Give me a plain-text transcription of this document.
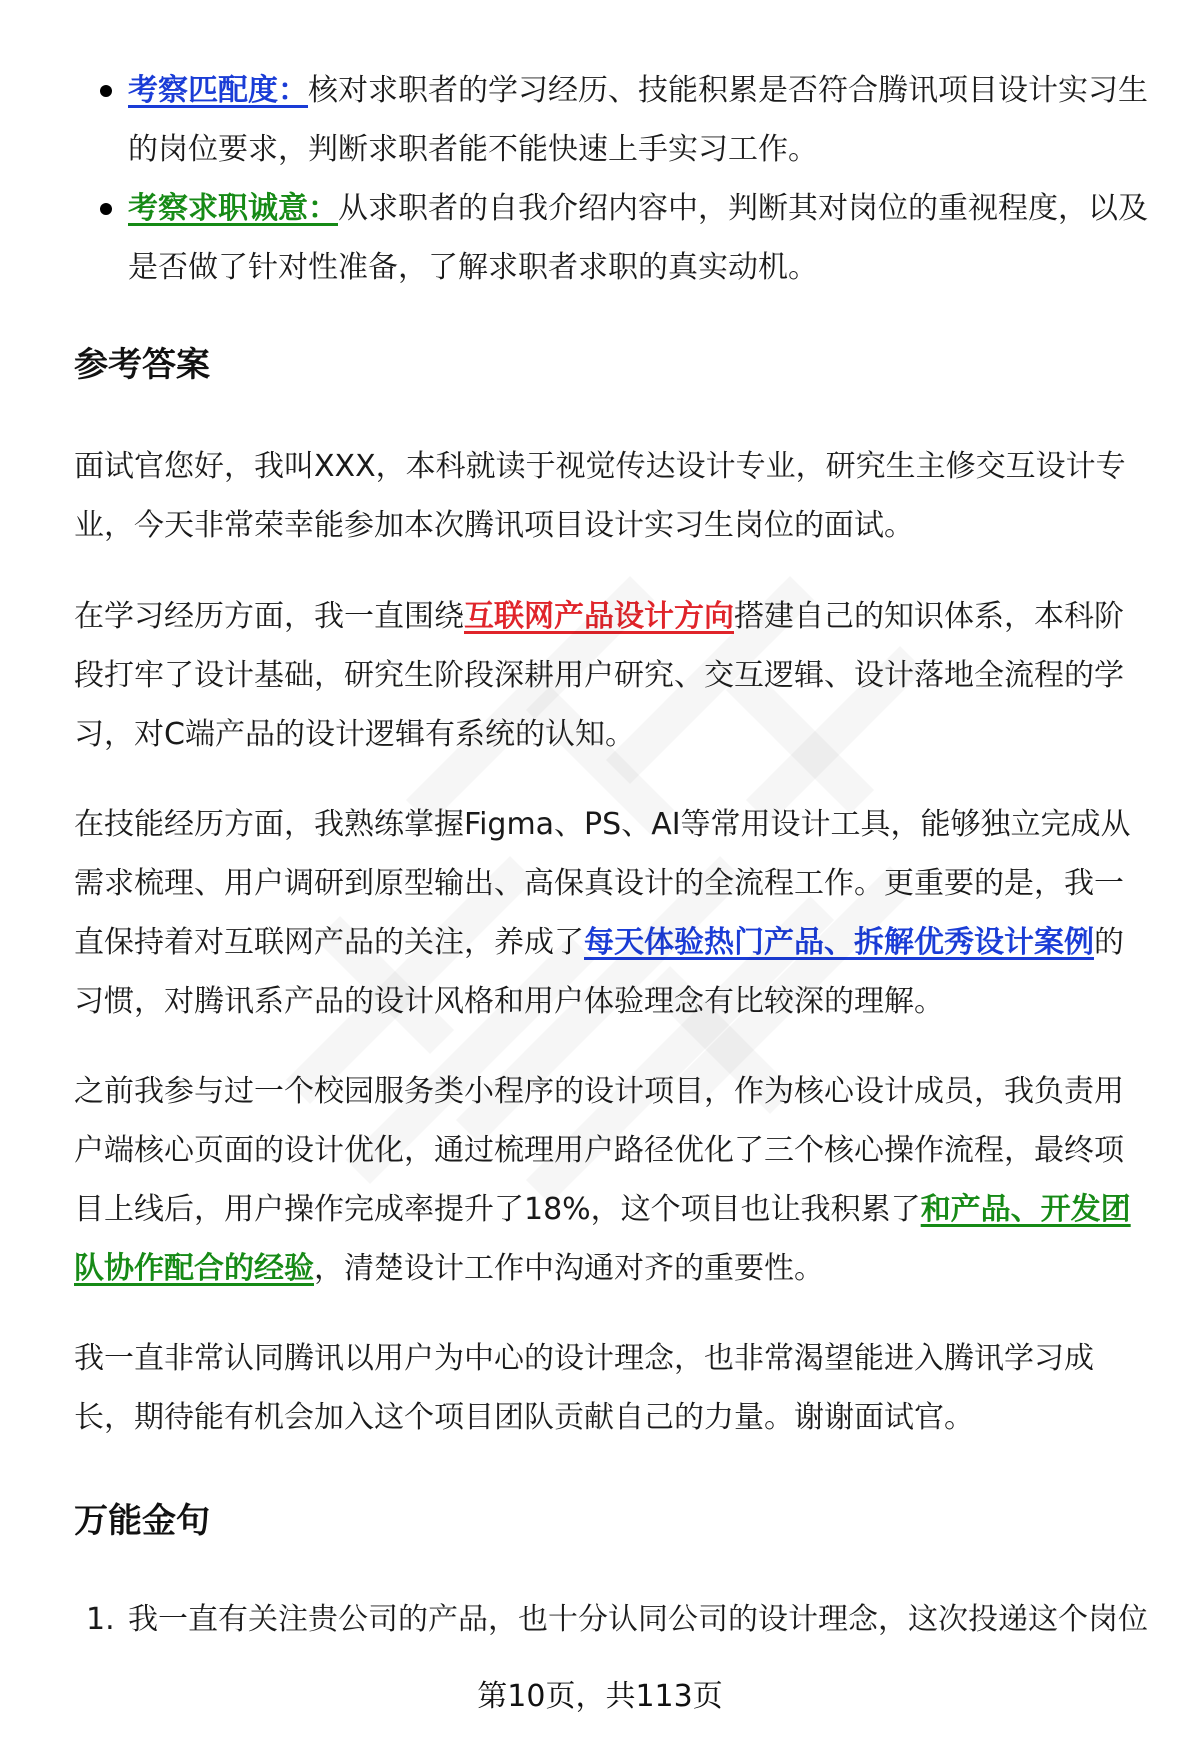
考察匹配度：核对求职者的学习经历、技能积累是否符合腾讯项目设计实习生的岗位要求，判断求职者能不能快速上手实习工作。
考察求职诚意：从求职者的自我介绍内容中，判断其对岗位的重视程度，以及是否做了针对性准备，了解求职者求职的真实动机。
参考答案

面试官您好，我叫XXX，本科就读于视觉传达设计专业，研究生主修交互设计专业，今天非常荣幸能参加本次腾讯项目设计实习生岗位的面试。

在学习经历方面，我一直围绕互联网产品设计方向搭建自己的知识体系，本科阶段打牢了设计基础，研究生阶段深耕用户研究、交互逻辑、设计落地全流程的学习，对C端产品的设计逻辑有系统的认知。

在技能经历方面，我熟练掌握Figma、PS、AI等常用设计工具，能够独立完成从需求梳理、用户调研到原型输出、高保真设计的全流程工作。更重要的是，我一直保持着对互联网产品的关注，养成了每天体验热门产品、拆解优秀设计案例的习惯，对腾讯系产品的设计风格和用户体验理念有比较深的理解。

之前我参与过一个校园服务类小程序的设计项目，作为核心设计成员，我负责用户端核心页面的设计优化，通过梳理用户路径优化了三个核心操作流程，最终项目上线后，用户操作完成率提升了18%，这个项目也让我积累了和产品、开发团队协作配合的经验，清楚设计工作中沟通对齐的重要性。

我一直非常认同腾讯以用户为中心的设计理念，也非常渴望能进入腾讯学习成长，期待能有机会加入这个项目团队贡献自己的力量。谢谢面试官。

万能金句
1. 我一直有关注贵公司的产品，也十分认同公司的设计理念，这次投递这个岗位
第10页，共113页
